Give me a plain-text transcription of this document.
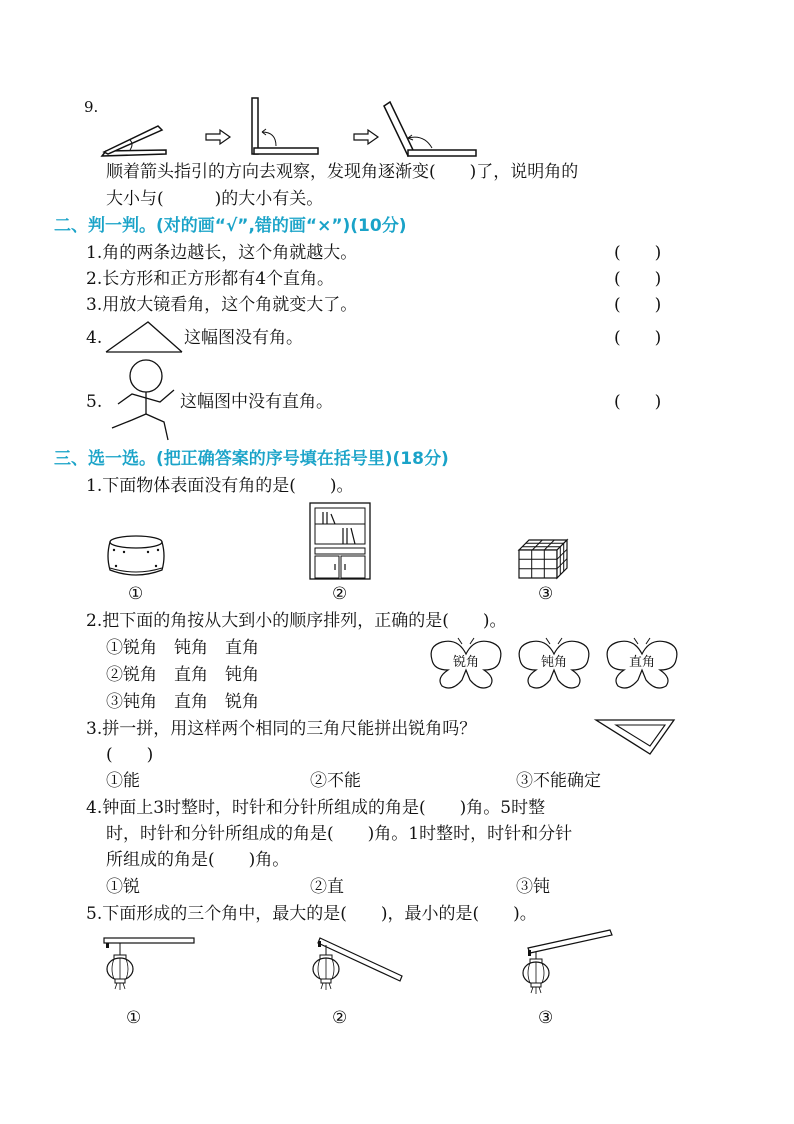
9.
顺着箭头指引的方向去观察，发现角逐渐变(　　)了，说明角的
大小与(　　　)的大小有关。
二、判一判。(对的画“√”,错的画“×”)(10分)
1.角的两条边越长，这个角就越大。	(　　)
2.长方形和正方形都有4个直角。	(　　)
3.用放大镜看角，这个角就变大了。	(　　)
4.	这幅图没有角。	(　　)
5.	这幅图中没有直角。	(　　)
三、选一选。(把正确答案的序号填在括号里)(18分)
1.下面物体表面没有角的是(　　)。
①	②	③
2.把下面的角按从大到小的顺序排列，正确的是(　　)。
①锐角　钝角　直角
②锐角　直角　钝角
③钝角　直角　锐角
锐角	钝角	直角
3.拼一拼，用这样两个相同的三角尺能拼出锐角吗？
(　　)
①能	②不能	③不能确定
4.钟面上3时整时，时针和分针所组成的角是(　　)角。5时整
时，时针和分针所组成的角是(　　)角。1时整时，时针和分针
所组成的角是(　　)角。
①锐	②直	③钝
5.下面形成的三个角中，最大的是(　　)，最小的是(　　)。
①	②	③
